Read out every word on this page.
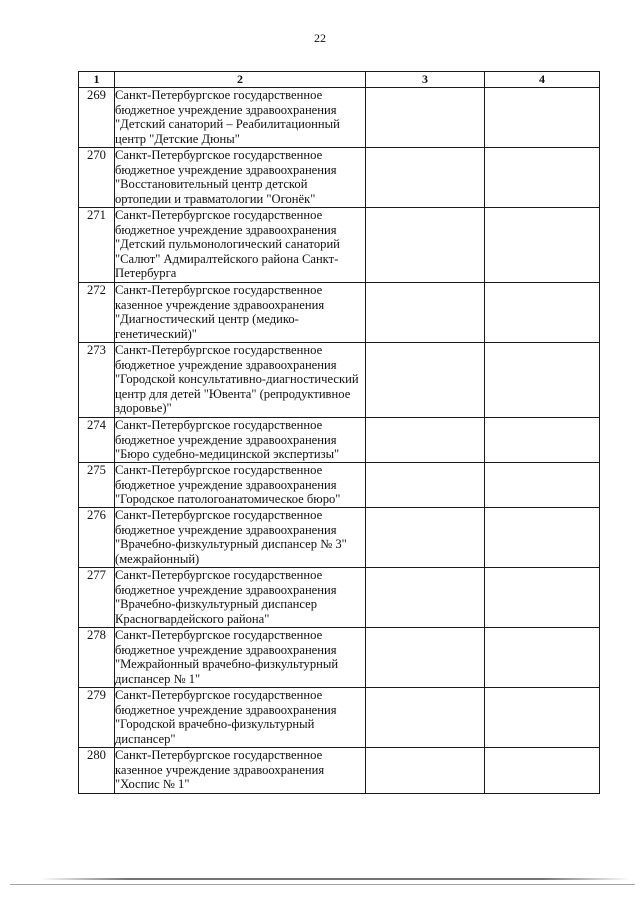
22
1	2	3	4
269	Санкт-Петербургское государственное бюджетное учреждение здравоохранения "Детский санаторий – Реабилитационный центр "Детские Дюны"		
270	Санкт-Петербургское государственное бюджетное учреждение здравоохранения "Восстановительный центр детской ортопедии и травматологии "Огонёк"		
271	Санкт-Петербургское государственное бюджетное учреждение здравоохранения "Детский пульмонологический санаторий "Салют" Адмиралтейского района Санкт-Петербурга		
272	Санкт-Петербургское государственное казенное учреждение здравоохранения "Диагностический центр (медико-генетический)"		
273	Санкт-Петербургское государственное бюджетное учреждение здравоохранения "Городской консультативно-диагностический центр для детей "Ювента" (репродуктивное здоровье)"		
274	Санкт-Петербургское государственное бюджетное учреждение здравоохранения "Бюро судебно-медицинской экспертизы"		
275	Санкт-Петербургское государственное бюджетное учреждение здравоохранения "Городское патологоанатомическое бюро"		
276	Санкт-Петербургское государственное бюджетное учреждение здравоохранения "Врачебно-физкультурный диспансер № 3" (межрайонный)		
277	Санкт-Петербургское государственное бюджетное учреждение здравоохранения "Врачебно-физкультурный диспансер Красногвардейского района"		
278	Санкт-Петербургское государственное бюджетное учреждение здравоохранения "Межрайонный врачебно-физкультурный диспансер № 1"		
279	Санкт-Петербургское государственное бюджетное учреждение здравоохранения "Городской врачебно-физкультурный диспансер"		
280	Санкт-Петербургское государственное казенное учреждение здравоохранения "Хоспис № 1"		
